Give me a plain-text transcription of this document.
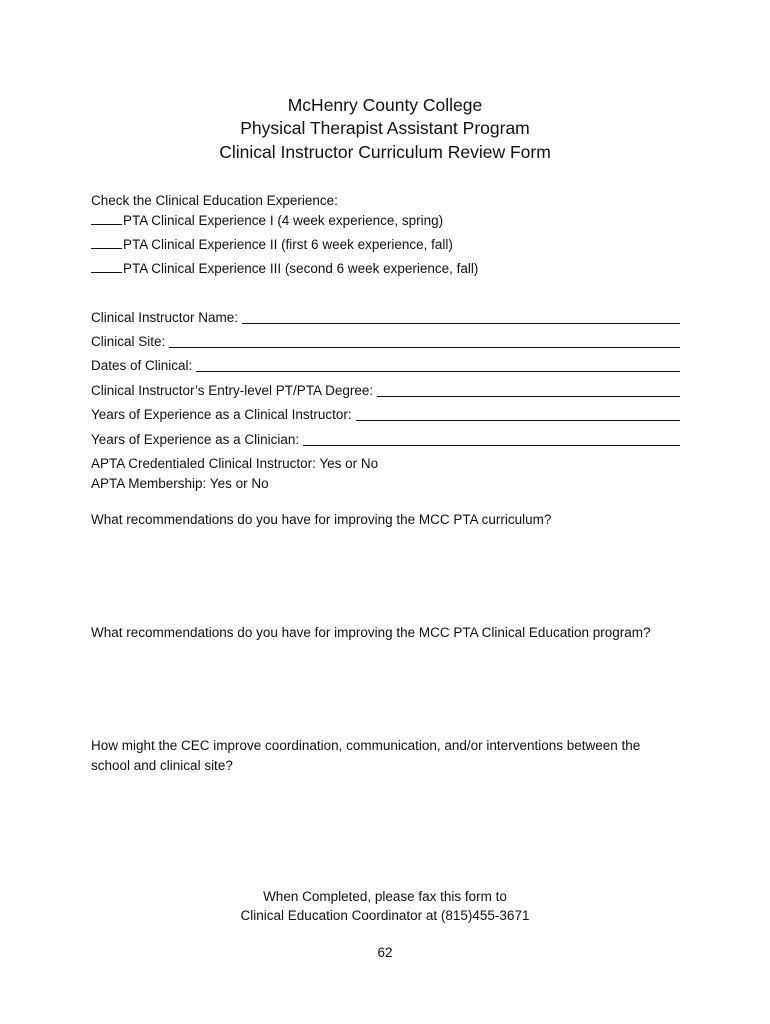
McHenry County College
Physical Therapist Assistant Program
Clinical Instructor Curriculum Review Form
Check the Clinical Education Experience:
PTA Clinical Experience I (4 week experience, spring)
PTA Clinical Experience II (first 6 week experience, fall)
PTA Clinical Experience III (second 6 week experience, fall)
Clinical Instructor Name:
Clinical Site:
Dates of Clinical:
Clinical Instructor’s Entry-level PT/PTA Degree:
Years of Experience as a Clinical Instructor:
Years of Experience as a Clinician:
APTA Credentialed Clinical Instructor: Yes or No
APTA Membership: Yes or No
What recommendations do you have for improving the MCC PTA curriculum?
What recommendations do you have for improving the MCC PTA Clinical Education program?
How might the CEC improve coordination, communication, and/or interventions between the school and clinical site?
When Completed, please fax this form to
Clinical Education Coordinator at (815)455-3671
62
